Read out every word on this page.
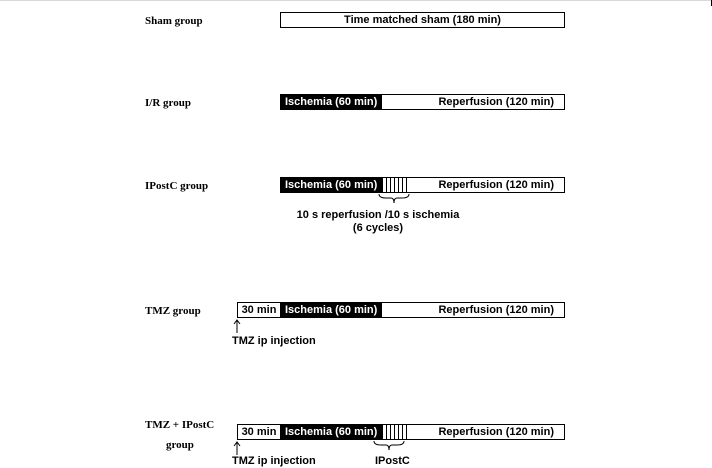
Sham group	Time matched sham (180 min)
I/R group	Ischemia (60 min)	Reperfusion (120 min)
IPostC group	Ischemia (60 min)	Reperfusion (120 min)
10 s reperfusion /10 s ischemia
(6 cycles)
TMZ group	30 min Ischemia (60 min)	Reperfusion (120 min)
TMZ ip injection
TMZ + IPostC
group
30 min Ischemia (60 min)	Reperfusion (120 min)
TMZ ip injection	IPostC
